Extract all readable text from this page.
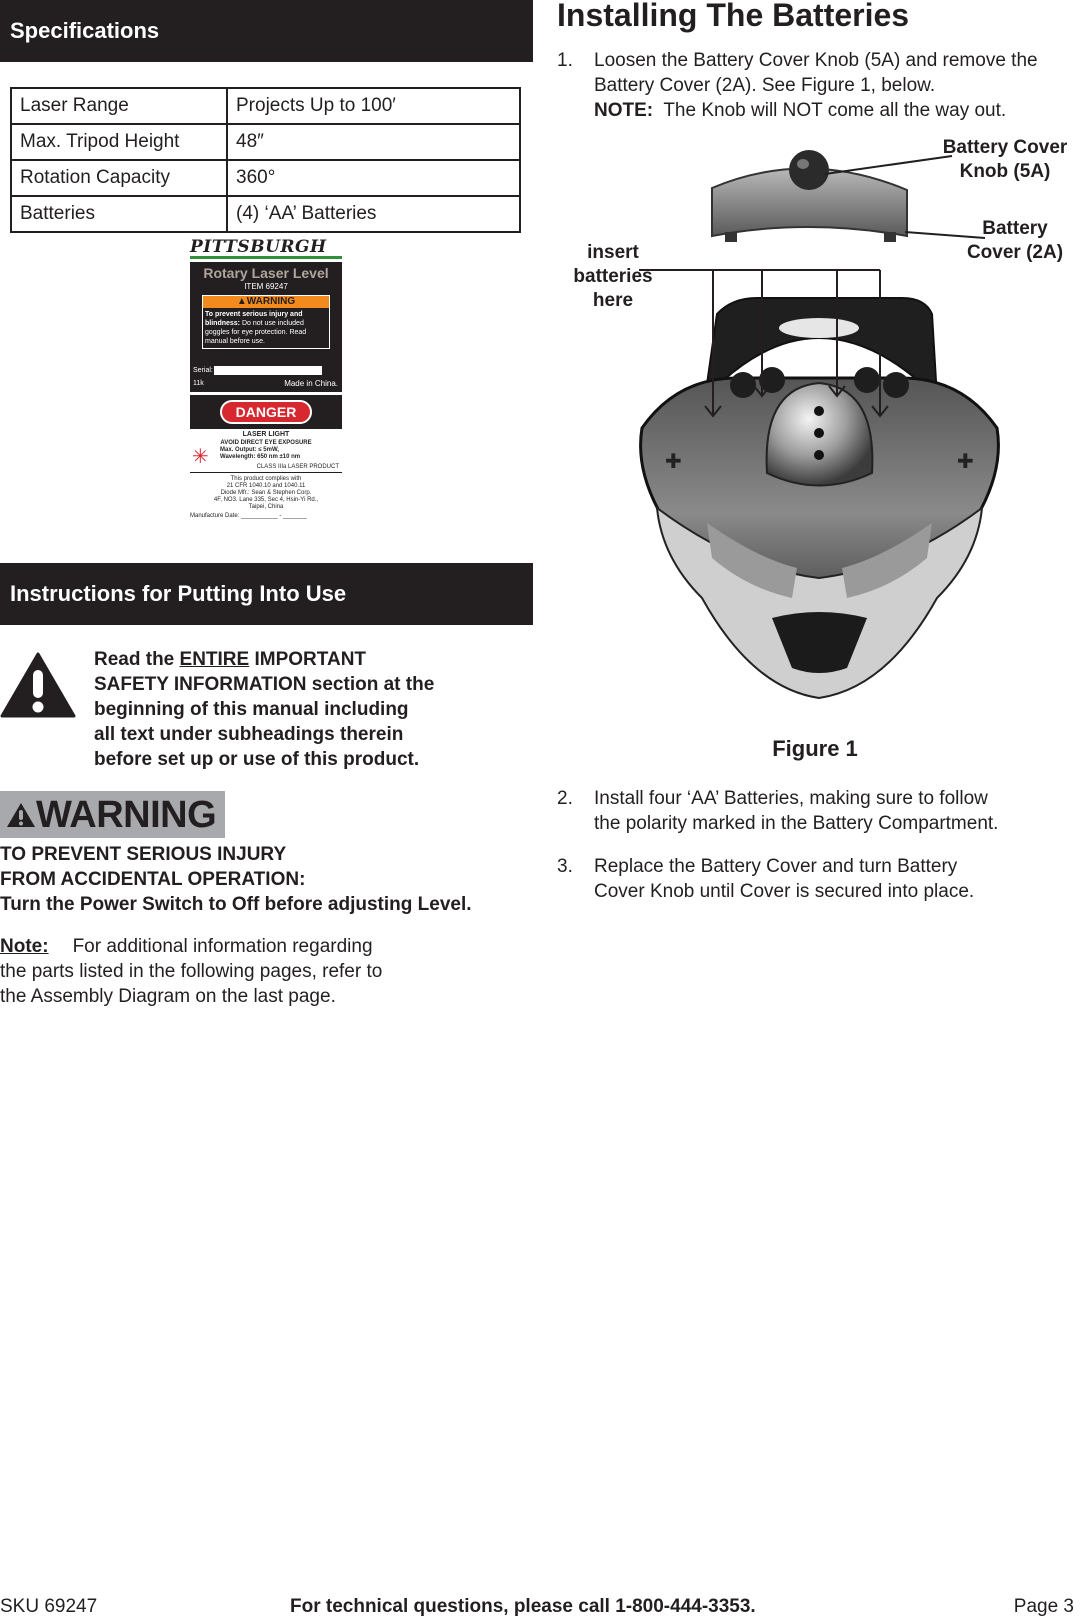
Specifications
Laser Range	Projects Up to 100′
Max. Tripod Height	48″
Rotation Capacity	360°
Batteries	(4) ‘AA’ Batteries
PITTSBURGH
Rotary Laser Level
ITEM 69247
▲WARNING
To prevent serious injury and blindness: Do not use included goggles for eye protection. Read manual before use.
Serial:
11k	Made in China.
DANGER
LASER LIGHT
AVOID DIRECT EYE EXPOSURE
✳ Max. Output: ≤ 5mW,
Wavelength: 650 nm ±10 nm
CLASS IIIa LASER PRODUCT
This product complies with
21 CFR 1040.10 and 1040.11
Diode Mfr.: Sean & Stephen Corp.
4F, NO3. Lane 335, Sec 4, Hsin-Yi Rd.,
Taipei, China
Manufacture Date: ___________ - _______
Instructions for Putting Into Use
Read the ENTIRE IMPORTANT
SAFETY INFORMATION section at the
beginning of this manual including
all text under subheadings therein
before set up or use of this product.
WARNING
TO PREVENT SERIOUS INJURY
FROM ACCIDENTAL OPERATION:
Turn the Power Switch to Off before adjusting Level.
Note: For additional information regarding
the parts listed in the following pages, refer to
the Assembly Diagram on the last page.
Installing The Batteries
1. Loosen the Battery Cover Knob (5A) and remove the
Battery Cover (2A). See Figure 1, below.
NOTE: The Knob will NOT come all the way out.
✚	✚
Battery Cover
Knob (5A)
Battery
Cover (2A)
insert
batteries
here
Figure 1
2. Install four ‘AA’ Batteries, making sure to follow
the polarity marked in the Battery Compartment.
3. Replace the Battery Cover and turn Battery
Cover Knob until Cover is secured into place.
SKU 69247	For technical questions, please call 1-800-444-3353.	Page 3
